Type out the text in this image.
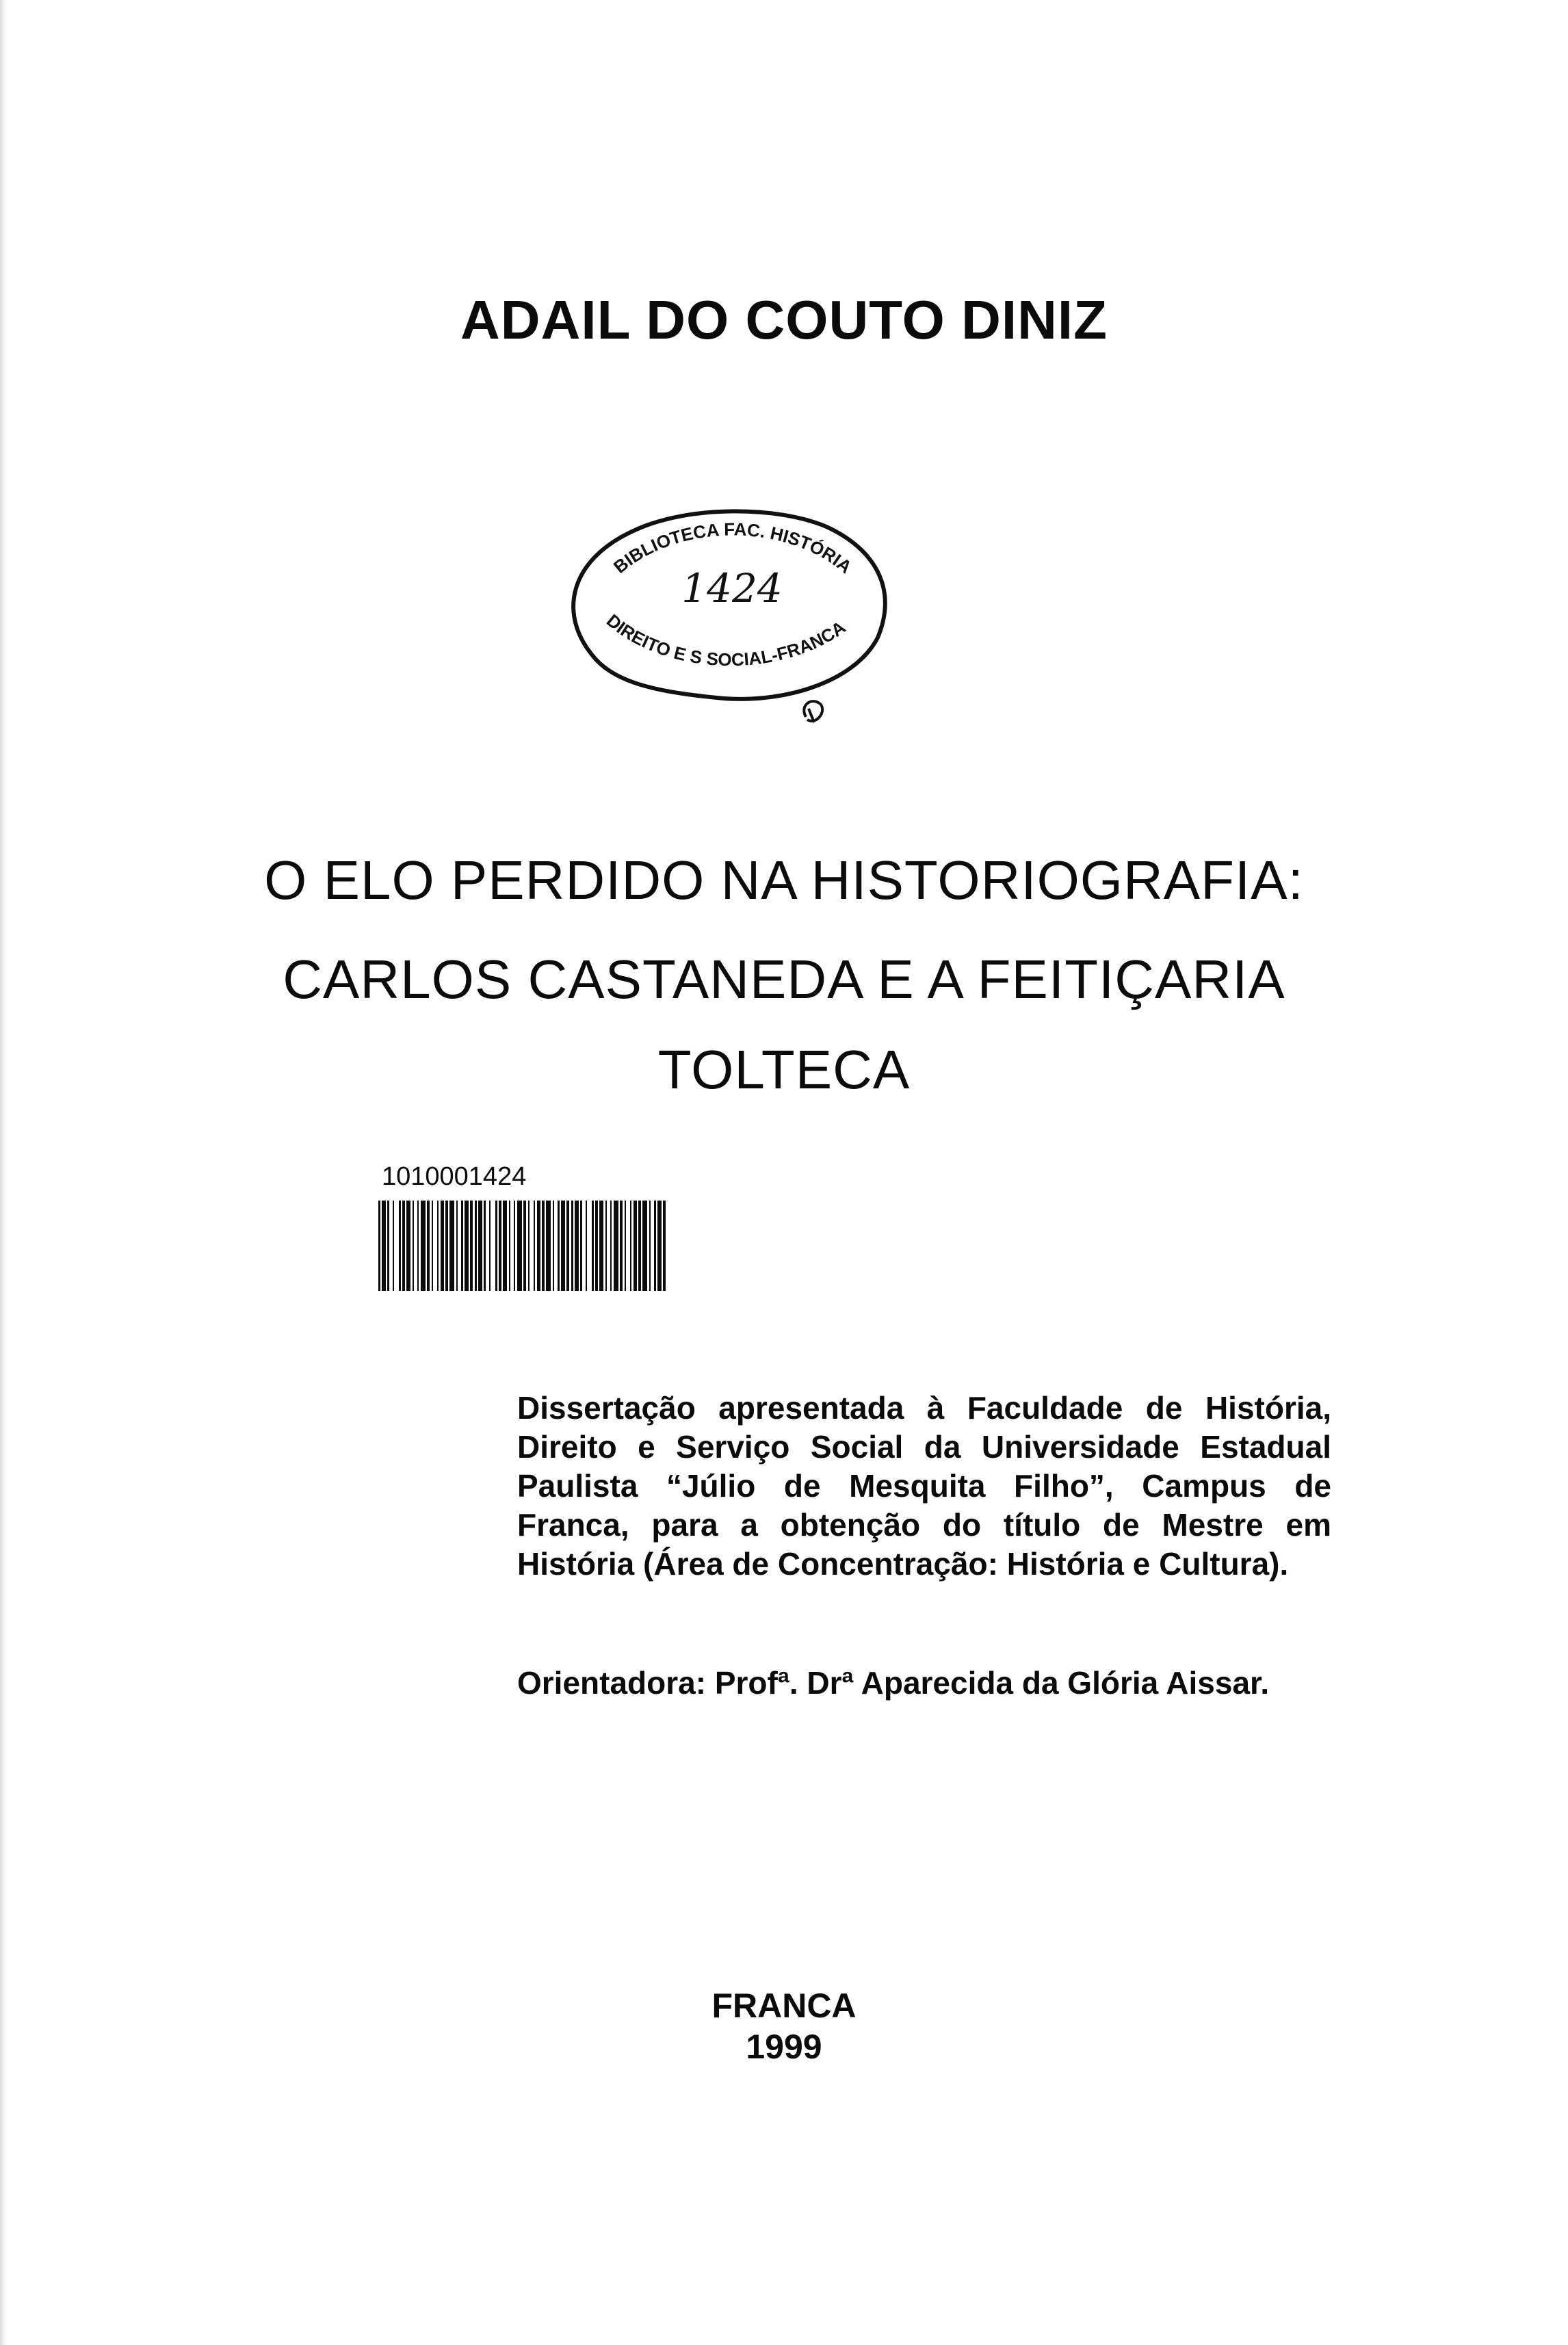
ADAIL DO COUTO DINIZ
BIBLIOTECA FAC. HISTÓRIA
DIREITO E S SOCIAL-FRANCA
1424
O ELO PERDIDO NA HISTORIOGRAFIA:
CARLOS CASTANEDA E A FEITIÇARIA
TOLTECA
1010001424
Dissertação apresentada à Faculdade de História, Direito e Serviço Social da Universidade Estadual Paulista “Júlio de Mesquita Filho”, Campus de Franca, para a obtenção do título de Mestre em História (Área de Concentração: História e Cultura).
Orientadora: Profª. Drª Aparecida da Glória Aissar.
FRANCA
1999
